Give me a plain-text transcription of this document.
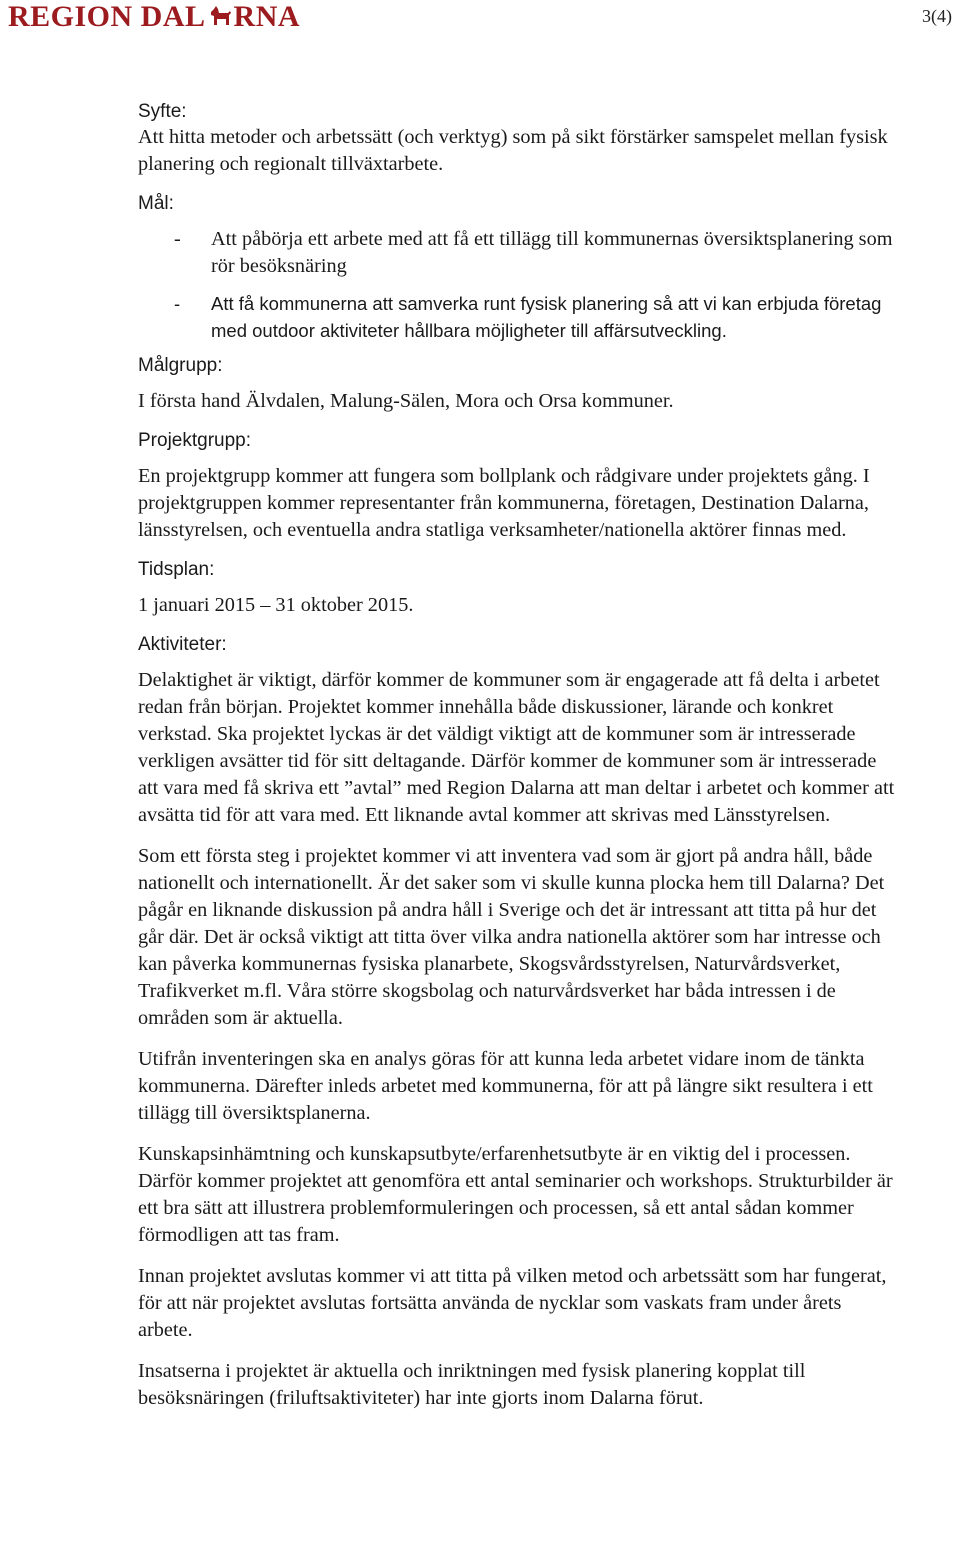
REGION DAL RNA	3(4)
Syfte:

Att hitta metoder och arbetssätt (och verktyg) som på sikt förstärker samspelet mellan fysisk planering och regionalt tillväxtarbete.

Mål:
- Att påbörja ett arbete med att få ett tillägg till kommunernas översiktsplanering som rör besöksnäring
- Att få kommunerna att samverka runt fysisk planering så att vi kan erbjuda företag med outdoor aktiviteter hållbara möjligheter till affärsutveckling.
Målgrupp:

I första hand Älvdalen, Malung-Sälen, Mora och Orsa kommuner.

Projektgrupp:

En projektgrupp kommer att fungera som bollplank och rådgivare under projektets gång. I projektgruppen kommer representanter från kommunerna, företagen, Destination Dalarna, länsstyrelsen, och eventuella andra statliga verksamheter/nationella aktörer finnas med.

Tidsplan:

1 januari 2015 – 31 oktober 2015.

Aktiviteter:

Delaktighet är viktigt, därför kommer de kommuner som är engagerade att få delta i arbetet redan från början. Projektet kommer innehålla både diskussioner, lärande och konkret verkstad. Ska projektet lyckas är det väldigt viktigt att de kommuner som är intresserade verkligen avsätter tid för sitt deltagande. Därför kommer de kommuner som är intresserade att vara med få skriva ett ”avtal” med Region Dalarna att man deltar i arbetet och kommer att avsätta tid för att vara med. Ett liknande avtal kommer att skrivas med Länsstyrelsen.

Som ett första steg i projektet kommer vi att inventera vad som är gjort på andra håll, både nationellt och internationellt. Är det saker som vi skulle kunna plocka hem till Dalarna? Det pågår en liknande diskussion på andra håll i Sverige och det är intressant att titta på hur det går där. Det är också viktigt att titta över vilka andra nationella aktörer som har intresse och kan påverka kommunernas fysiska planarbete, Skogsvårdsstyrelsen, Naturvårdsverket, Trafikverket m.fl. Våra större skogsbolag och naturvårdsverket har båda intressen i de områden som är aktuella.

Utifrån inventeringen ska en analys göras för att kunna leda arbetet vidare inom de tänkta kommunerna. Därefter inleds arbetet med kommunerna, för att på längre sikt resultera i ett tillägg till översiktsplanerna.

Kunskapsinhämtning och kunskapsutbyte/erfarenhetsutbyte är en viktig del i processen. Därför kommer projektet att genomföra ett antal seminarier och workshops. Strukturbilder är ett bra sätt att illustrera problemformuleringen och processen, så ett antal sådan kommer förmodligen att tas fram.

Innan projektet avslutas kommer vi att titta på vilken metod och arbetssätt som har fungerat, för att när projektet avslutas fortsätta använda de nycklar som vaskats fram under årets arbete.

Insatserna i projektet är aktuella och inriktningen med fysisk planering kopplat till besöksnäringen (friluftsaktiviteter) har inte gjorts inom Dalarna förut.
